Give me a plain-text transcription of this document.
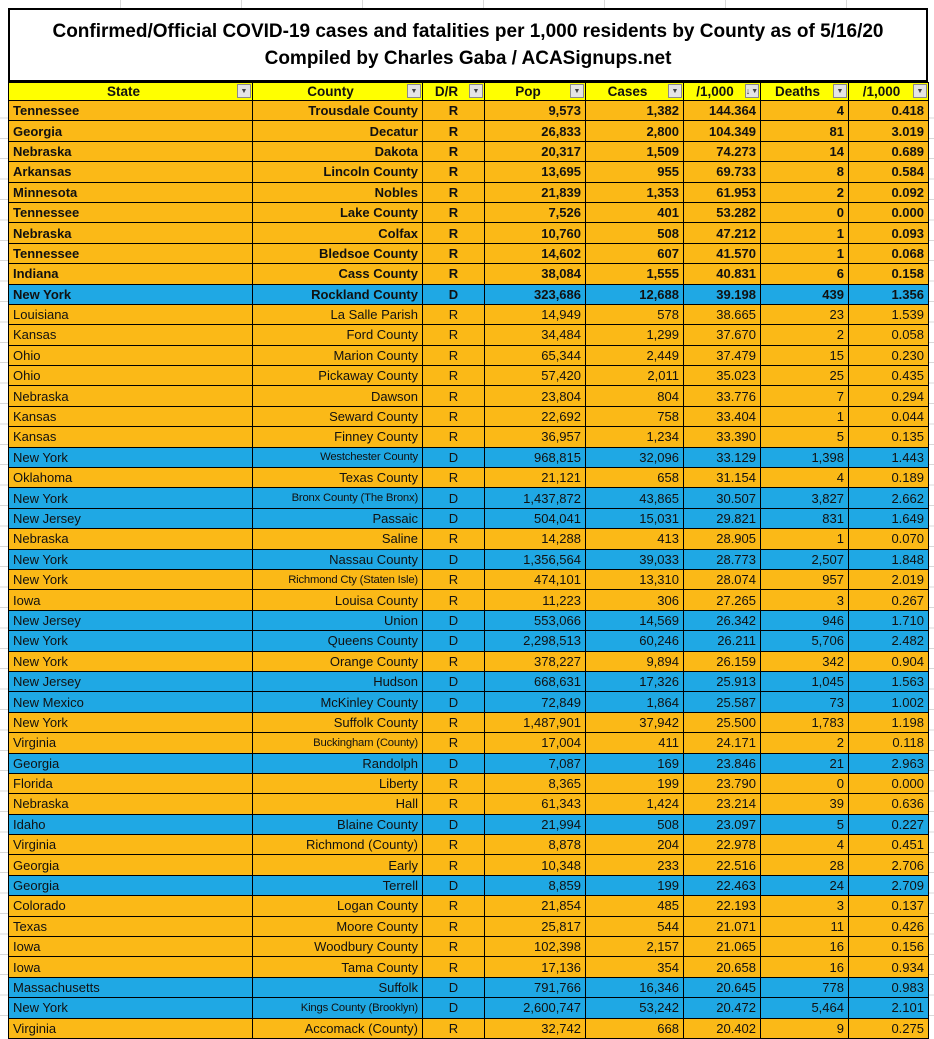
Confirmed/Official COVID-19 cases and fatalities per 1,000 residents by County as of 5/16/20
Compiled by Charles Gaba / ACASignups.net
State ▼	County ▼	D/R ▼	Pop ▼	Cases ▼	/1,000 ↓ ▼	Deaths ▼	/1,000 ▼

Tennessee	Trousdale County	R	9,573	1,382	144.364	4	0.418
Georgia	Decatur	R	26,833	2,800	104.349	81	3.019
Nebraska	Dakota	R	20,317	1,509	74.273	14	0.689
Arkansas	Lincoln County	R	13,695	955	69.733	8	0.584
Minnesota	Nobles	R	21,839	1,353	61.953	2	0.092
Tennessee	Lake County	R	7,526	401	53.282	0	0.000
Nebraska	Colfax	R	10,760	508	47.212	1	0.093
Tennessee	Bledsoe County	R	14,602	607	41.570	1	0.068
Indiana	Cass County	R	38,084	1,555	40.831	6	0.158
New York	Rockland County	D	323,686	12,688	39.198	439	1.356
Louisiana	La Salle Parish	R	14,949	578	38.665	23	1.539
Kansas	Ford County	R	34,484	1,299	37.670	2	0.058
Ohio	Marion County	R	65,344	2,449	37.479	15	0.230
Ohio	Pickaway County	R	57,420	2,011	35.023	25	0.435
Nebraska	Dawson	R	23,804	804	33.776	7	0.294
Kansas	Seward County	R	22,692	758	33.404	1	0.044
Kansas	Finney County	R	36,957	1,234	33.390	5	0.135
New York	Westchester County	D	968,815	32,096	33.129	1,398	1.443
Oklahoma	Texas County	R	21,121	658	31.154	4	0.189
New York	Bronx County (The Bronx)	D	1,437,872	43,865	30.507	3,827	2.662
New Jersey	Passaic	D	504,041	15,031	29.821	831	1.649
Nebraska	Saline	R	14,288	413	28.905	1	0.070
New York	Nassau County	D	1,356,564	39,033	28.773	2,507	1.848
New York	Richmond Cty (Staten Isle)	R	474,101	13,310	28.074	957	2.019
Iowa	Louisa County	R	11,223	306	27.265	3	0.267
New Jersey	Union	D	553,066	14,569	26.342	946	1.710
New York	Queens County	D	2,298,513	60,246	26.211	5,706	2.482
New York	Orange County	R	378,227	9,894	26.159	342	0.904
New Jersey	Hudson	D	668,631	17,326	25.913	1,045	1.563
New Mexico	McKinley County	D	72,849	1,864	25.587	73	1.002
New York	Suffolk County	R	1,487,901	37,942	25.500	1,783	1.198
Virginia	Buckingham (County)	R	17,004	411	24.171	2	0.118
Georgia	Randolph	D	7,087	169	23.846	21	2.963
Florida	Liberty	R	8,365	199	23.790	0	0.000
Nebraska	Hall	R	61,343	1,424	23.214	39	0.636
Idaho	Blaine County	D	21,994	508	23.097	5	0.227
Virginia	Richmond (County)	R	8,878	204	22.978	4	0.451
Georgia	Early	R	10,348	233	22.516	28	2.706
Georgia	Terrell	D	8,859	199	22.463	24	2.709
Colorado	Logan County	R	21,854	485	22.193	3	0.137
Texas	Moore County	R	25,817	544	21.071	11	0.426
Iowa	Woodbury County	R	102,398	2,157	21.065	16	0.156
Iowa	Tama County	R	17,136	354	20.658	16	0.934
Massachusetts	Suffolk	D	791,766	16,346	20.645	778	0.983
New York	Kings County (Brooklyn)	D	2,600,747	53,242	20.472	5,464	2.101
Virginia	Accomack (County)	R	32,742	668	20.402	9	0.275
